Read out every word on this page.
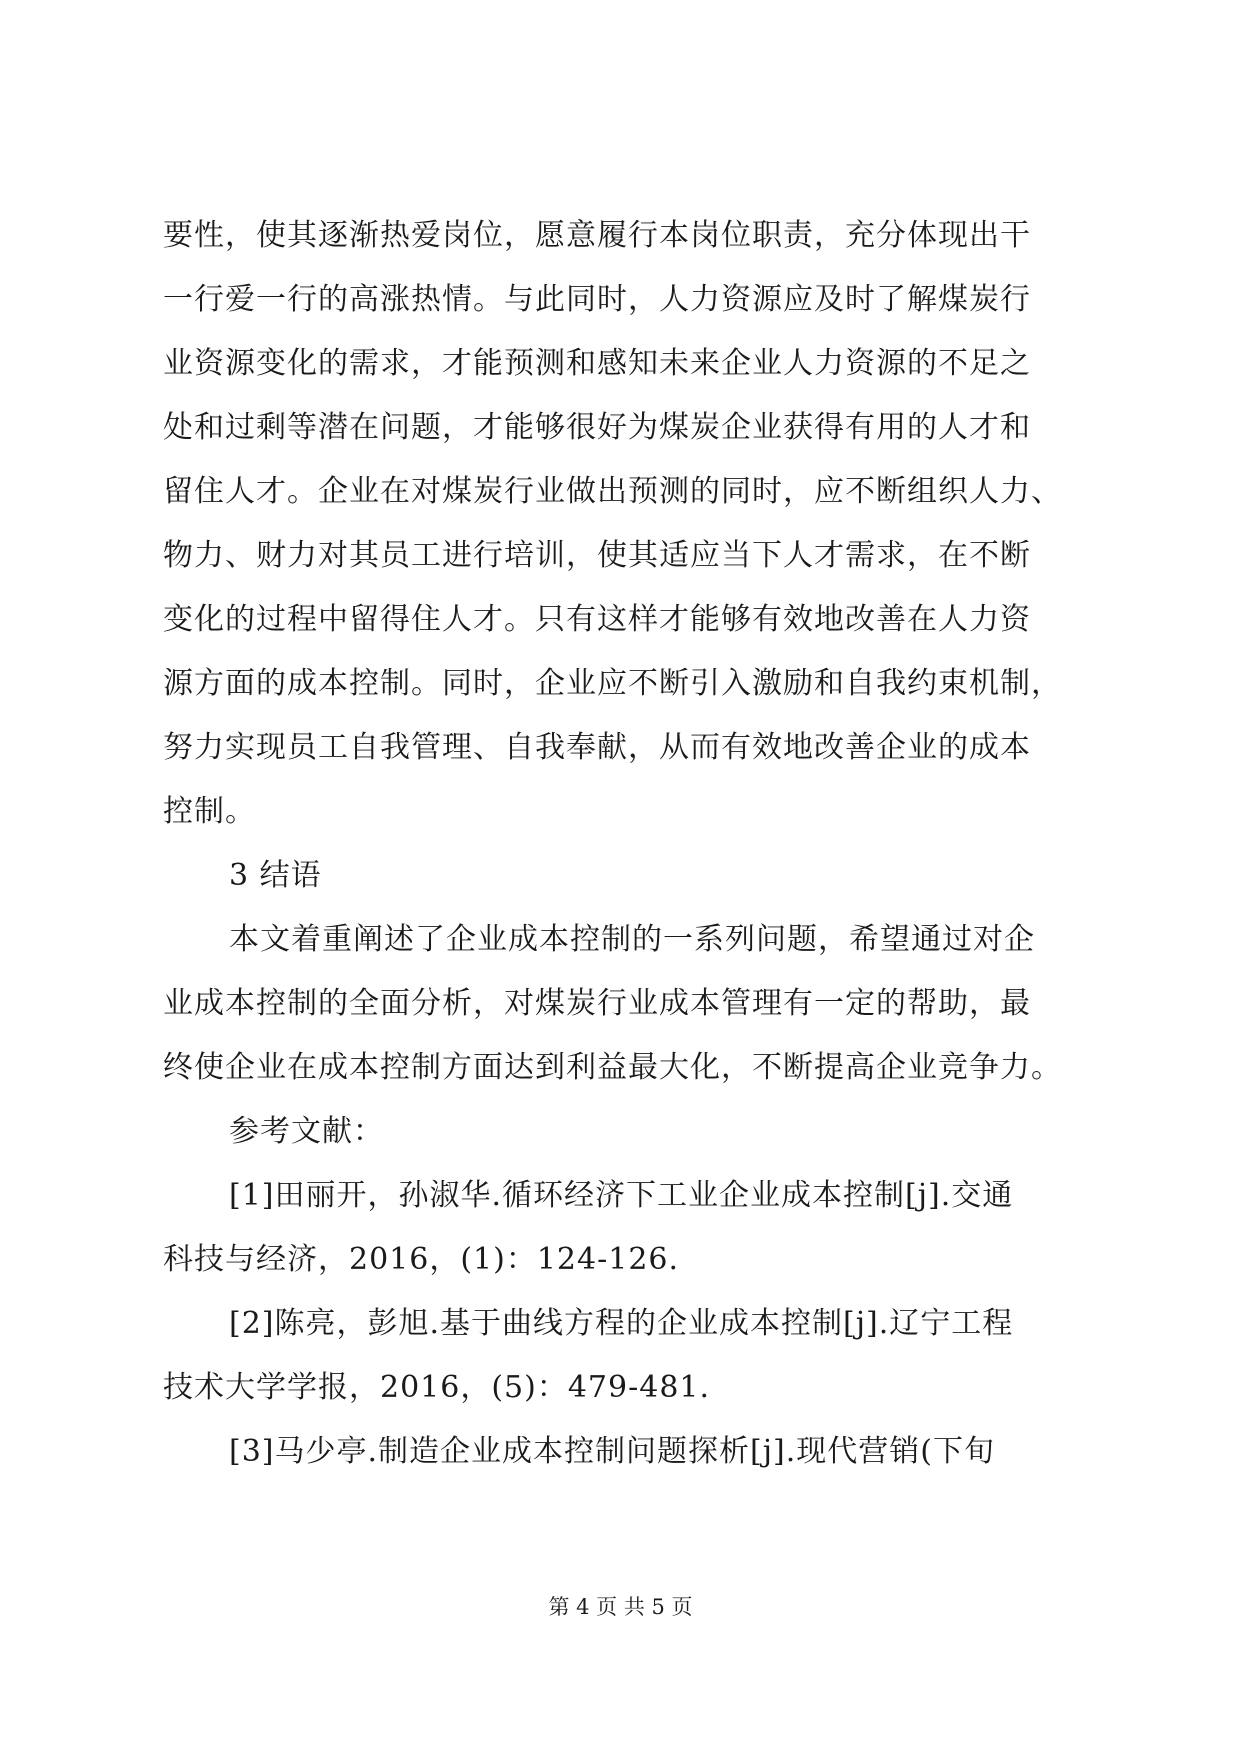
要性，使其逐渐热爱岗位，愿意履行本岗位职责，充分体现出干
一行爱一行的高涨热情。与此同时，人力资源应及时了解煤炭行
业资源变化的需求，才能预测和感知未来企业人力资源的不足之
处和过剩等潜在问题，才能够很好为煤炭企业获得有用的人才和
留住人才。企业在对煤炭行业做出预测的同时，应不断组织人力、
物力、财力对其员工进行培训，使其适应当下人才需求，在不断
变化的过程中留得住人才。只有这样才能够有效地改善在人力资
源方面的成本控制。同时，企业应不断引入激励和自我约束机制，
努力实现员工自我管理、自我奉献，从而有效地改善企业的成本
控制。
3 结语
本文着重阐述了企业成本控制的一系列问题，希望通过对企
业成本控制的全面分析，对煤炭行业成本管理有一定的帮助，最
终使企业在成本控制方面达到利益最大化，不断提高企业竞争力。
参考文献：
[1]田丽开，孙淑华.循环经济下工业企业成本控制[j].交通
科技与经济，2016，(1)：124-126.
[2]陈亮，彭旭.基于曲线方程的企业成本控制[j].辽宁工程
技术大学学报，2016，(5)：479-481.
[3]马少亭.制造企业成本控制问题探析[j].现代营销(下旬
第 4 页 共 5 页
